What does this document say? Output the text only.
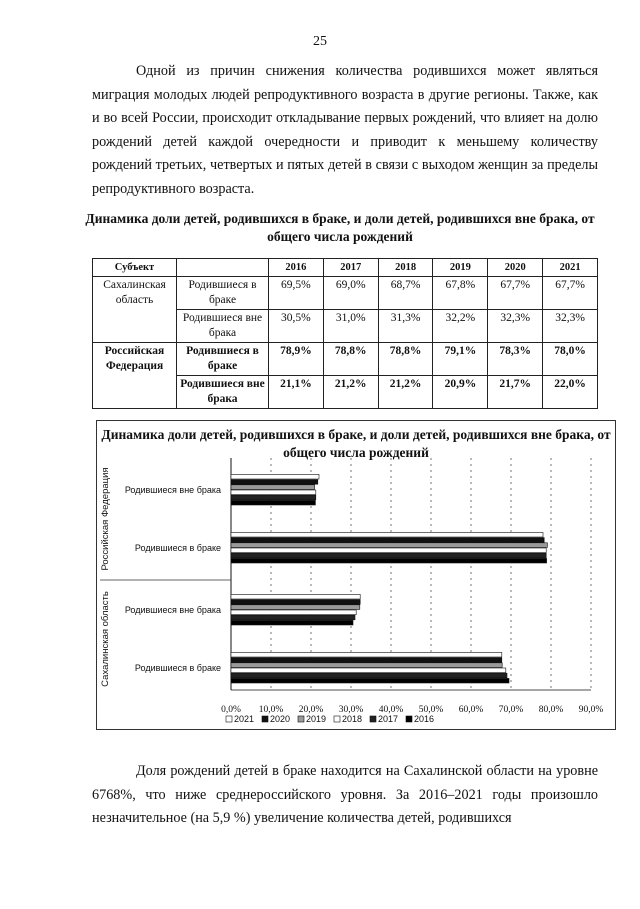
25

Одной из причин снижения количества родившихся может являться миграция молодых людей репродуктивного возраста в другие регионы. Также, как и во всей России, происходит откладывание первых рождений, что влияет на долю рождений детей каждой очередности и приводит к меньшему количеству рождений третьих, четвертых и пятых детей в связи с выходом женщин за пределы репродуктивного возраста.

Динамика доли детей, родившихся в браке, и доли детей, родившихся вне брака, от общего числа рождений
Субъект		2016	2017	2018	2019	2020	2021
Сахалинская область	Родившиеся в браке	69,5%	69,0%	68,7%	67,8%	67,7%	67,7%
	Родившиеся вне брака	30,5%	31,0%	31,3%	32,2%	32,3%	32,3%
Российская Федерация	Родившиеся в браке	78,9%	78,8%	78,8%	79,1%	78,3%	78,0%
	Родившиеся вне брака	21,1%	21,2%	21,2%	20,9%	21,7%	22,0%
Динамика доли детей, родившихся в браке, и доли детей, родившихся вне брака, от общего числа рождений
0,0% 10,0% 20,0% 30,0% 40,0% 50,0% 60,0% 70,0% 80,0% 90,0%
Родившиеся вне брака
Родившиеся в браке
Родившиеся вне брака
Родившиеся в браке
Российская Федерация
Сахалинская область
2021 2020 2019 2018 2017 2016

Доля рождений детей в браке находится на Сахалинской области на уровне 6768%, что ниже среднероссийского уровня. За 2016–2021 годы произошло незначительное (на 5,9 %) увеличение количества детей, родившихся
